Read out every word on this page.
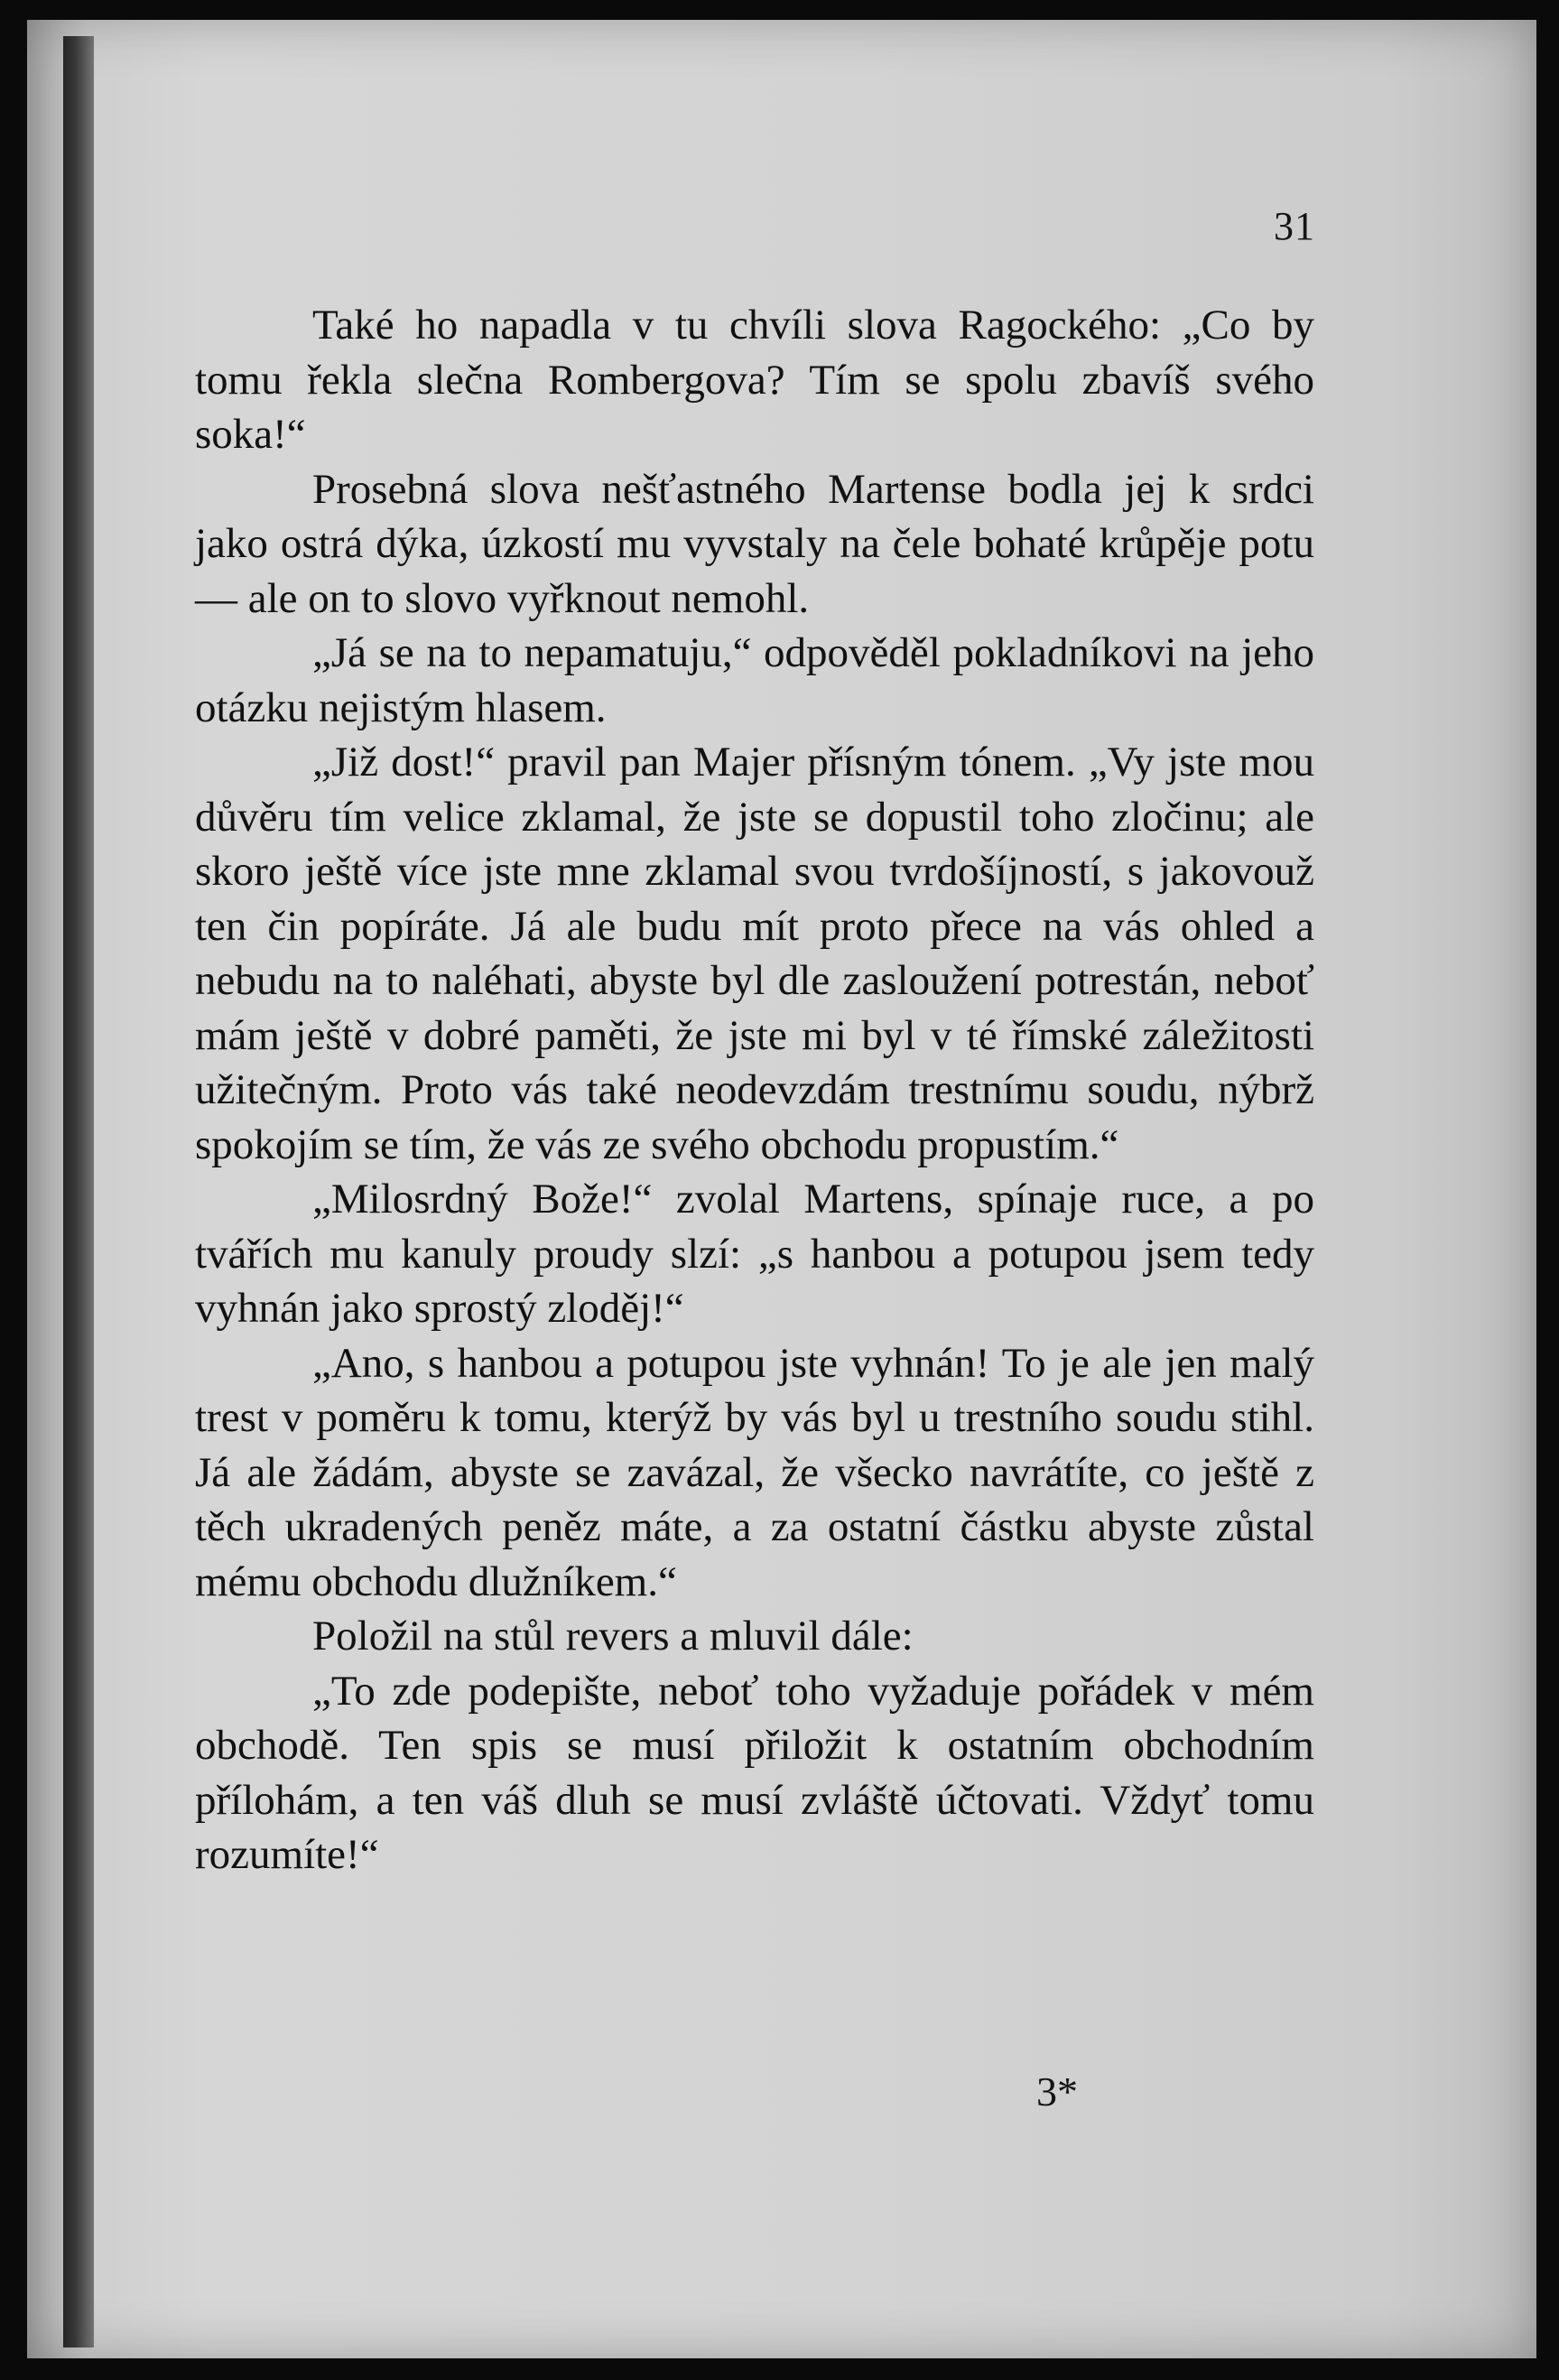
31

Také ho napadla v tu chvíli slova Ragockého: „Co by tomu řekla slečna Rombergova? Tím se spolu zbavíš svého soka!“

Prosebná slova nešťastného Martense bodla jej k srdci jako ostrá dýka, úzkostí mu vyvstaly na čele bohaté krůpěje potu — ale on to slovo vyřknout nemohl.

„Já se na to nepamatuju,“ odpověděl pokladníkovi na jeho otázku nejistým hlasem.

„Již dost!“ pravil pan Majer přísným tónem. „Vy jste mou důvěru tím velice zklamal, že jste se dopustil toho zločinu; ale skoro ještě více jste mne zklamal svou tvrdošíjností, s jakovouž ten čin popíráte. Já ale budu mít proto přece na vás ohled a nebudu na to naléhati, abyste byl dle zasloužení potrestán, neboť mám ještě v dobré paměti, že jste mi byl v té římské záležitosti užitečným. Proto vás také neodevzdám trestnímu soudu, nýbrž spokojím se tím, že vás ze svého obchodu propustím.“

„Milosrdný Bože!“ zvolal Martens, spínaje ruce, a po tvářích mu kanuly proudy slzí: „s hanbou a potupou jsem tedy vyhnán jako sprostý zloděj!“

„Ano, s hanbou a potupou jste vyhnán! To je ale jen malý trest v poměru k tomu, kterýž by vás byl u trestního soudu stihl. Já ale žádám, abyste se zavázal, že všecko navrátíte, co ještě z těch ukradených peněz máte, a za ostatní částku abyste zůstal mému obchodu dlužníkem.“

Položil na stůl revers a mluvil dále:

„To zde podepište, neboť toho vyžaduje pořádek v mém obchodě. Ten spis se musí přiložit k ostatním obchodním přílohám, a ten váš dluh se musí zvláště účtovati. Vždyť tomu rozumíte!“

3*
